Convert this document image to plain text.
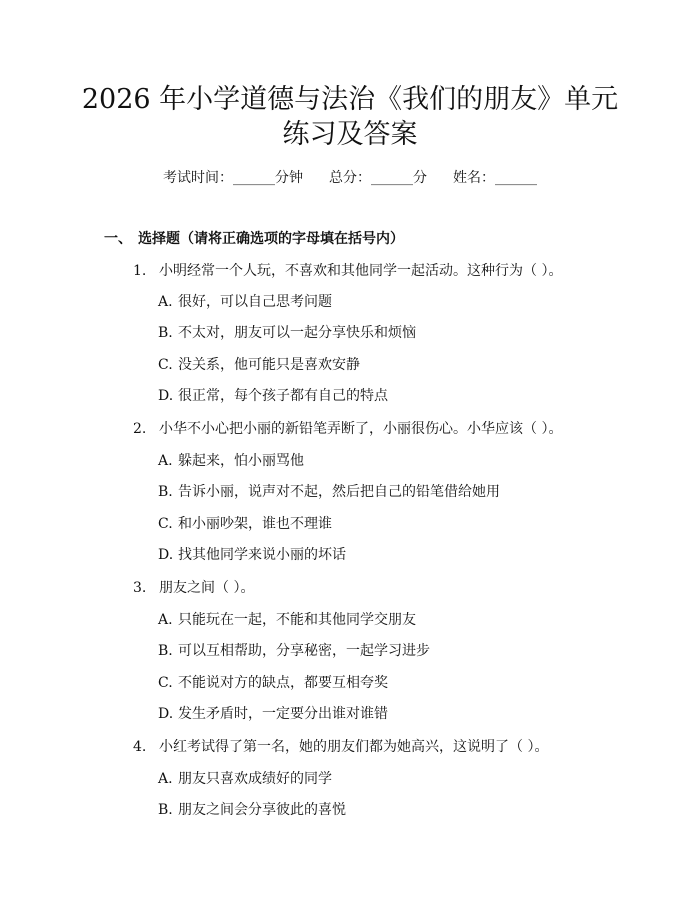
2026 年小学道德与法治《我们的朋友》单元
练习及答案
考试时间：______分钟 总分：______分 姓名：______
一、 选择题（请将正确选项的字母填在括号内）
1. 小明经常一个人玩，不喜欢和其他同学一起活动。这种行为（ ）。
A. 很好，可以自己思考问题
B. 不太对，朋友可以一起分享快乐和烦恼
C. 没关系，他可能只是喜欢安静
D. 很正常，每个孩子都有自己的特点
2. 小华不小心把小丽的新铅笔弄断了，小丽很伤心。小华应该（ ）。
A. 躲起来，怕小丽骂他
B. 告诉小丽，说声对不起，然后把自己的铅笔借给她用
C. 和小丽吵架，谁也不理谁
D. 找其他同学来说小丽的坏话
3. 朋友之间（ ）。
A. 只能玩在一起，不能和其他同学交朋友
B. 可以互相帮助，分享秘密，一起学习进步
C. 不能说对方的缺点，都要互相夸奖
D. 发生矛盾时，一定要分出谁对谁错
4. 小红考试得了第一名，她的朋友们都为她高兴，这说明了（ ）。
A. 朋友只喜欢成绩好的同学
B. 朋友之间会分享彼此的喜悦
